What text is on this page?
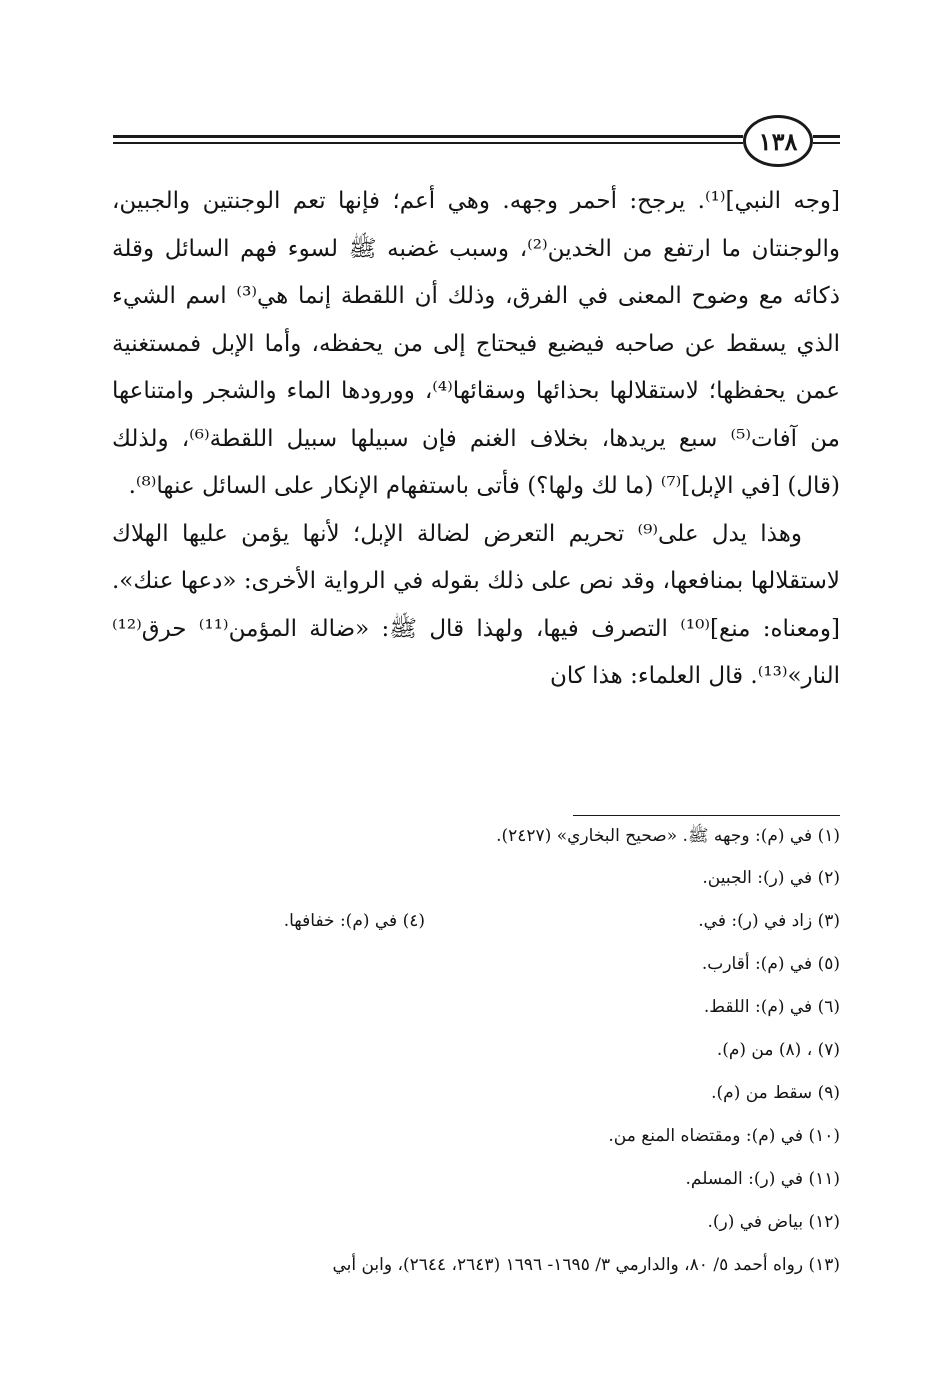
١٣٨

[وجه النبي]⁽¹⁾. يرجح: أحمر وجهه. وهي أعم؛ فإنها تعم الوجنتين والجبين، والوجنتان ما ارتفع من الخدين⁽²⁾، وسبب غضبه ﷺ لسوء فهم السائل وقلة ذكائه مع وضوح المعنى في الفرق، وذلك أن اللقطة إنما هي⁽³⁾ اسم الشيء الذي يسقط عن صاحبه فيضيع فيحتاج إلى من يحفظه، وأما الإبل فمستغنية عمن يحفظها؛ لاستقلالها بحذائها وسقائها⁽⁴⁾، وورودها الماء والشجر وامتناعها من آفات⁽⁵⁾ سبع يريدها، بخلاف الغنم فإن سبيلها سبيل اللقطة⁽⁶⁾، ولذلك (قال) [في الإبل]⁽⁷⁾ (ما لك ولها؟) فأتى باستفهام الإنكار على السائل عنها⁽⁸⁾.

وهذا يدل على⁽⁹⁾ تحريم التعرض لضالة الإبل؛ لأنها يؤمن عليها الهلاك لاستقلالها بمنافعها، وقد نص على ذلك بقوله في الرواية الأخرى: «دعها عنك». [ومعناه: منع]⁽¹⁰⁾ التصرف فيها، ولهذا قال ﷺ: «ضالة المؤمن⁽¹¹⁾ حرق⁽¹²⁾ النار»⁽¹³⁾. قال العلماء: هذا كان

(١) في (م): وجهه ﷺ. «صحيح البخاري» (٢٤٢٧).
(٢) في (ر): الجبين.
(٣) زاد في (ر): في.
(٤) في (م): خفافها.
(٥) في (م): أقارب.
(٦) في (م): اللقط.
(٧) ، (٨) من (م).
(٩) سقط من (م).
(١٠) في (م): ومقتضاه المنع من.
(١١) في (ر): المسلم.
(١٢) بياض في (ر).
(١٣) رواه أحمد ٥/ ٨٠، والدارمي ٣/ ١٦٩٥- ١٦٩٦ (٢٦٤٣، ٢٦٤٤)، وابن أبي
